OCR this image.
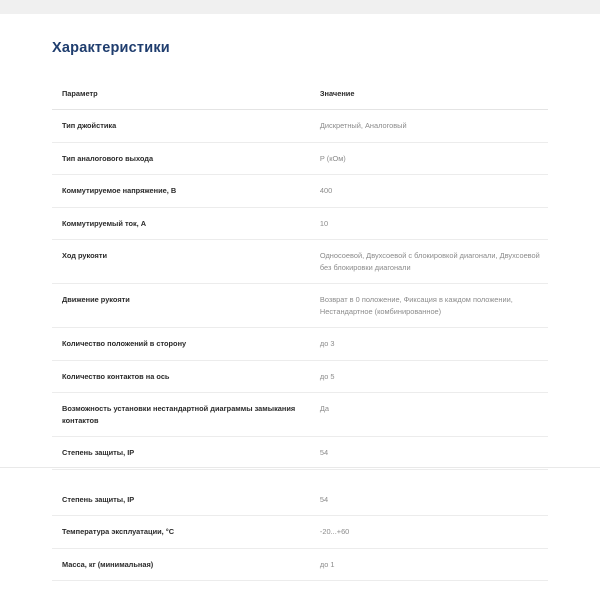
Характеристики
Параметр	Значение
Тип джойстика	Дискретный, Аналоговый
Тип аналогового выхода	P (кОм)
Коммутируемое напряжение, В	400
Коммутируемый ток, А	10
Ход рукояти	Односоевой, Двухсоевой с блокировкой диагонали, Двухсоевой без блокировки диагонали
Движение рукояти	Возврат в 0 положение, Фиксация в каждом положении, Нестандартное (комбинированное)
Количество положений в сторону	до 3
Количество контактов на ось	до 5
Возможность установки нестандартной диаграммы замыкания контактов	Да
Степень защиты, IP	54
Степень защиты, IP	54
Температура эксплуатации, °C	-20...+60
Масса, кг (минимальная)	до 1
